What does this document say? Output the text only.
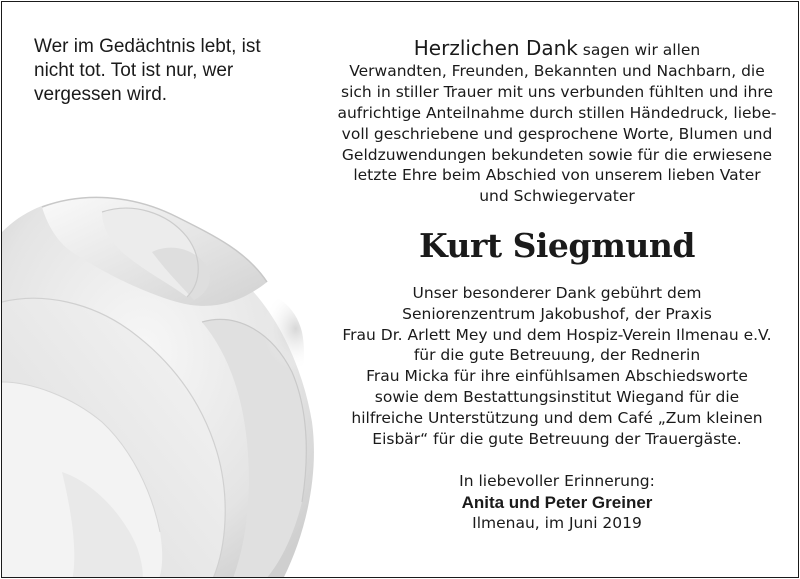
Wer im Gedächtnis lebt, ist
nicht tot. Tot ist nur, wer
vergessen wird.
Herzlichen Dank sagen wir allen
Verwandten, Freunden, Bekannten und Nachbarn, die
sich in stiller Trauer mit uns verbunden fühlten und ihre
aufrichtige Anteilnahme durch stillen Händedruck, liebe-
voll geschriebene und gesprochene Worte, Blumen und
Geldzuwendungen bekundeten sowie für die erwiesene
letzte Ehre beim Abschied von unserem lieben Vater
und Schwiegervater
Kurt Siegmund
Unser besonderer Dank gebührt dem
Seniorenzentrum Jakobushof, der Praxis
Frau Dr. Arlett Mey und dem Hospiz-Verein Ilmenau e.V.
für die gute Betreuung, der Rednerin
Frau Micka für ihre einfühlsamen Abschiedsworte
sowie dem Bestattungsinstitut Wiegand für die
hilfreiche Unterstützung und dem Café „Zum kleinen
Eisbär“ für die gute Betreuung der Trauergäste.
In liebevoller Erinnerung:
Anita und Peter Greiner
Ilmenau, im Juni 2019
